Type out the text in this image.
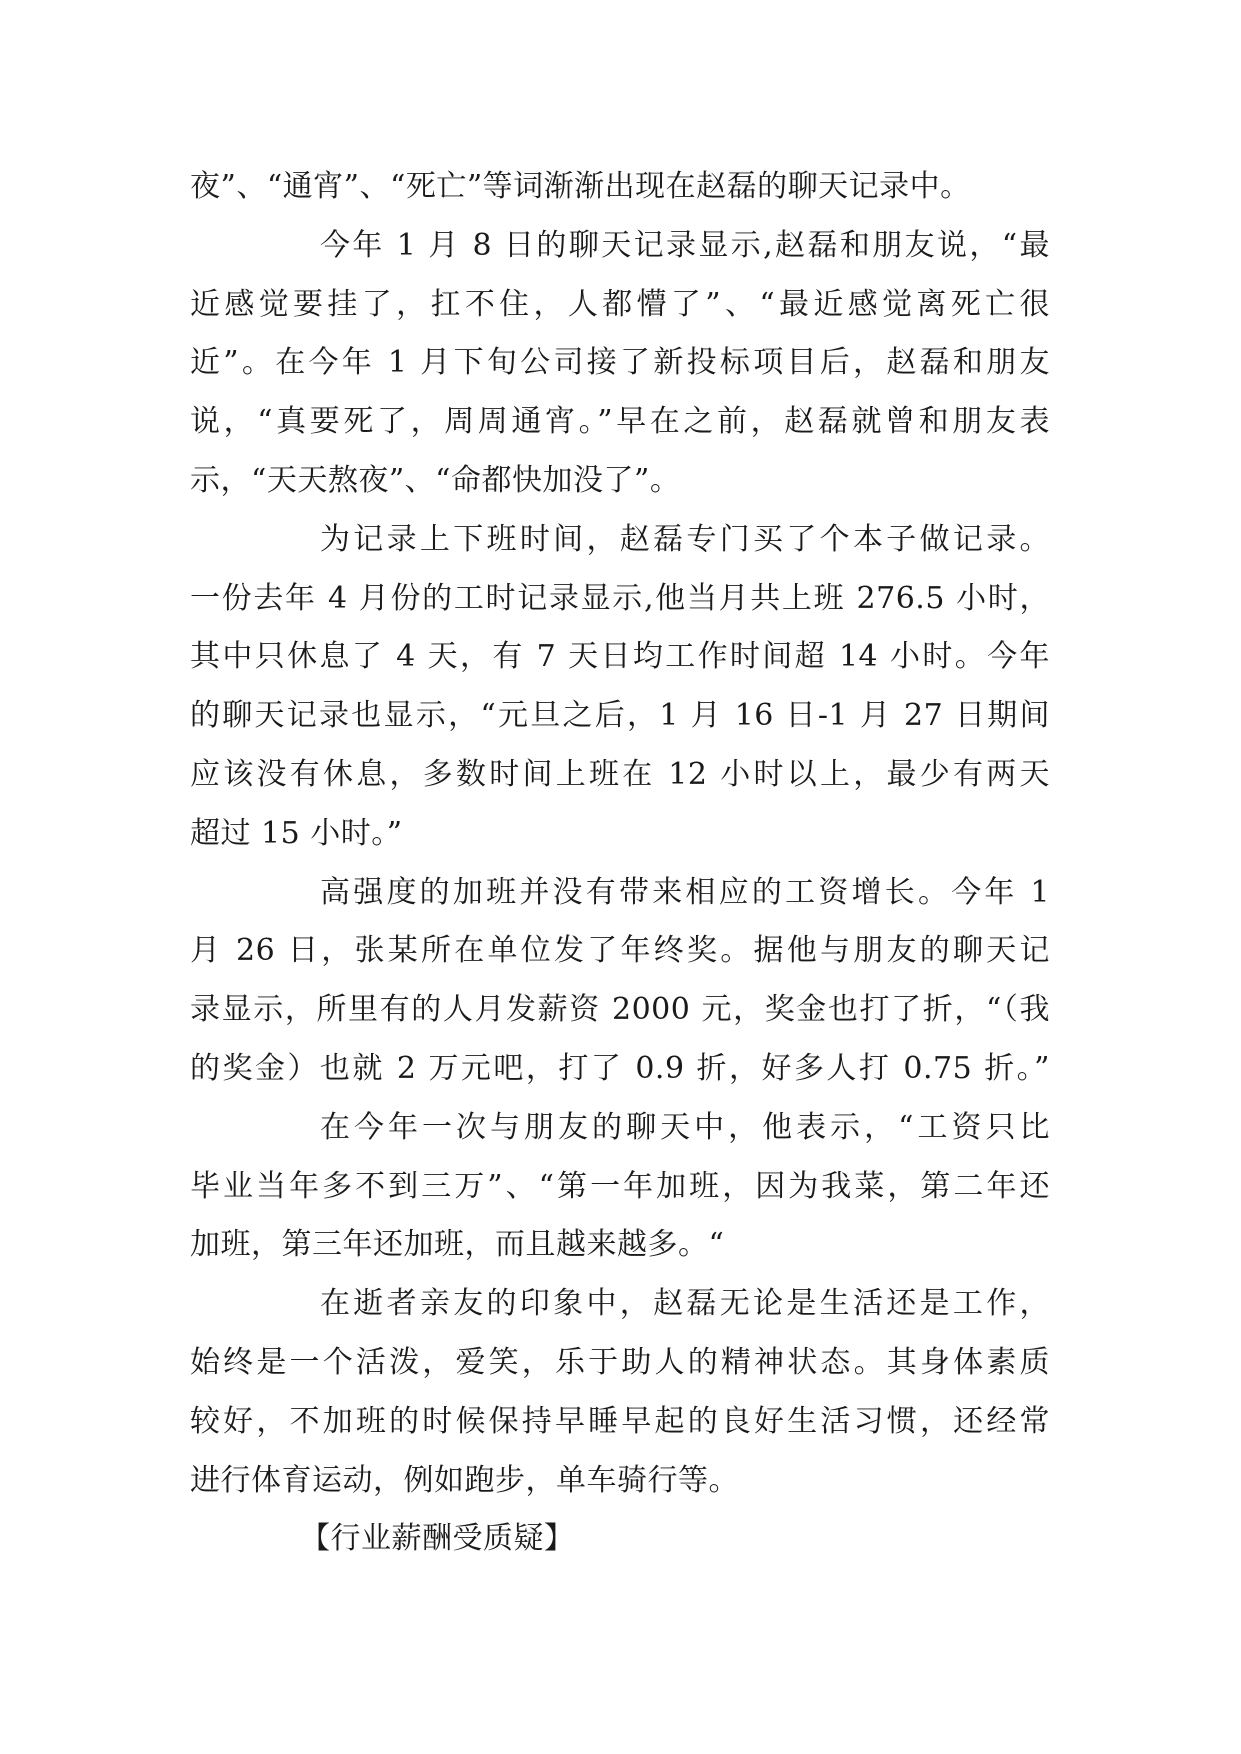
夜”、“通宵”、“死亡”等词渐渐出现在赵磊的聊天记录中。
今年 1 月 8 日的聊天记录显示,赵磊和朋友说，“最
近感觉要挂了，扛不住，人都懵了”、“最近感觉离死亡很
近”。在今年 1 月下旬公司接了新投标项目后，赵磊和朋友
说，“真要死了，周周通宵。”早在之前，赵磊就曾和朋友表
示，“天天熬夜”、“命都快加没了”。
为记录上下班时间，赵磊专门买了个本子做记录。
一份去年 4 月份的工时记录显示,他当月共上班 276.5 小时，
其中只休息了 4 天，有 7 天日均工作时间超 14 小时。今年
的聊天记录也显示，“元旦之后，1 月 16 日-1 月 27 日期间
应该没有休息，多数时间上班在 12 小时以上，最少有两天
超过 15 小时。”
高强度的加班并没有带来相应的工资增长。今年 1
月 26 日，张某所在单位发了年终奖。据他与朋友的聊天记
录显示，所里有的人月发薪资 2000 元，奖金也打了折，“（我
的奖金）也就 2 万元吧，打了 0.9 折，好多人打 0.75 折。”
在今年一次与朋友的聊天中，他表示，“工资只比
毕业当年多不到三万”、“第一年加班，因为我菜，第二年还
加班，第三年还加班，而且越来越多。“
在逝者亲友的印象中，赵磊无论是生活还是工作，
始终是一个活泼，爱笑，乐于助人的精神状态。其身体素质
较好，不加班的时候保持早睡早起的良好生活习惯，还经常
进行体育运动，例如跑步，单车骑行等。
【行业薪酬受质疑】
